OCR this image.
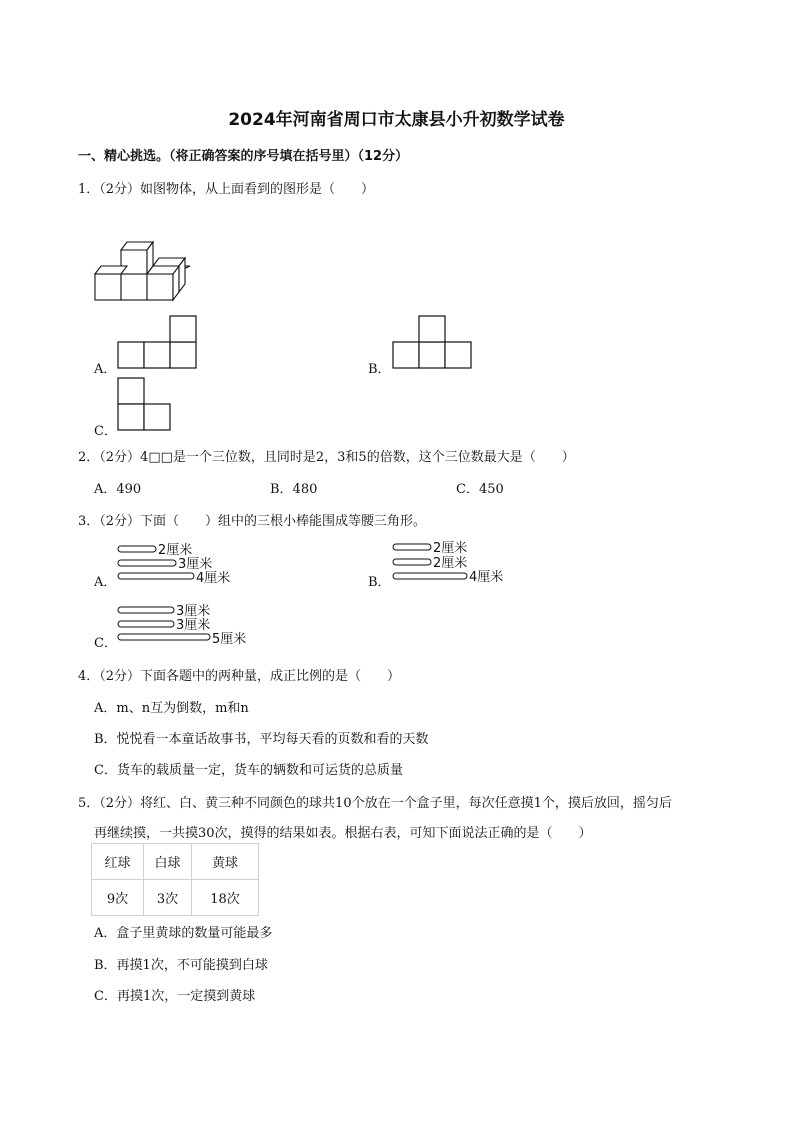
2024年河南省周口市太康县小升初数学试卷
一、精心挑选。（将正确答案的序号填在括号里）（12分）
1．（2分）如图物体，从上面看到的图形是（　　）
A．	B．
C．
2．（2分）4□□是一个三位数，且同时是2，3和5的倍数，这个三位数最大是（　　）
A．490	B．480	C．450
3．（2分）下面（　　）组中的三根小棒能围成等腰三角形。
A．
2厘米
3厘米
4厘米	B．
2厘米
2厘米
4厘米
C．
3厘米
3厘米
5厘米
4．（2分）下面各题中的两种量，成正比例的是（　　）
A．m、n互为倒数，m和n
B．悦悦看一本童话故事书，平均每天看的页数和看的天数
C．货车的载质量一定，货车的辆数和可运货的总质量
5．（2分）将红、白、黄三种不同颜色的球共10个放在一个盒子里，每次任意摸1个，摸后放回，摇匀后
再继续摸，一共摸30次，摸得的结果如表。根据右表，可知下面说法正确的是（　　）
红球	白球	黄球
9次	3次	18次
A．盒子里黄球的数量可能最多
B．再摸1次，不可能摸到白球
C．再摸1次，一定摸到黄球
